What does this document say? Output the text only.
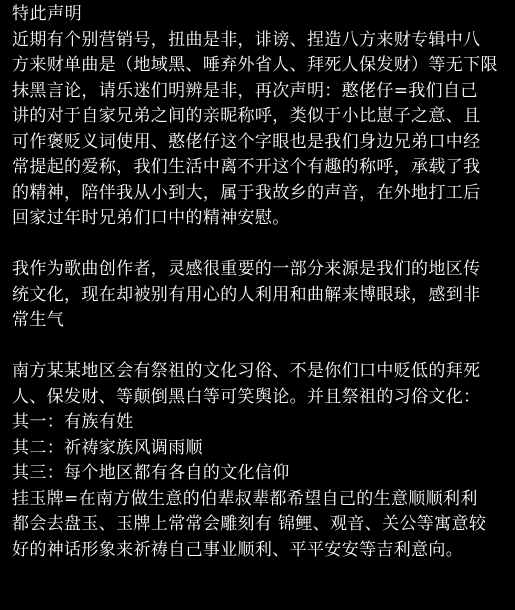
特此声明
近期有个别营销号，扭曲是非，诽谤、捏造八方来财专辑中八
方来财单曲是（地域黑、唾弃外省人、拜死人保发财）等无下限
抹黑言论，请乐迷们明辨是非，再次声明：憨佬仔=我们自己
讲的对于自家兄弟之间的亲昵称呼，类似于小比崽子之意、且
可作褒贬义词使用、憨佬仔这个字眼也是我们身边兄弟口中经
常提起的爱称，我们生活中离不开这个有趣的称呼，承载了我
的精神，陪伴我从小到大，属于我故乡的声音，在外地打工后
回家过年时兄弟们口中的精神安慰。
我作为歌曲创作者，灵感很重要的一部分来源是我们的地区传
统文化，现在却被别有用心的人利用和曲解来博眼球，感到非
常生气
南方某某地区会有祭祖的文化习俗、不是你们口中贬低的拜死
人、保发财、等颠倒黑白等可笑舆论。并且祭祖的习俗文化：
其一：有族有姓
其二：祈祷家族风调雨顺
其三：每个地区都有各自的文化信仰
挂玉牌=在南方做生意的伯辈叔辈都希望自己的生意顺顺利利
都会去盘玉、玉牌上常常会雕刻有 锦鲤、观音、关公等寓意较
好的神话形象来祈祷自己事业顺利、平平安安等吉利意向。
